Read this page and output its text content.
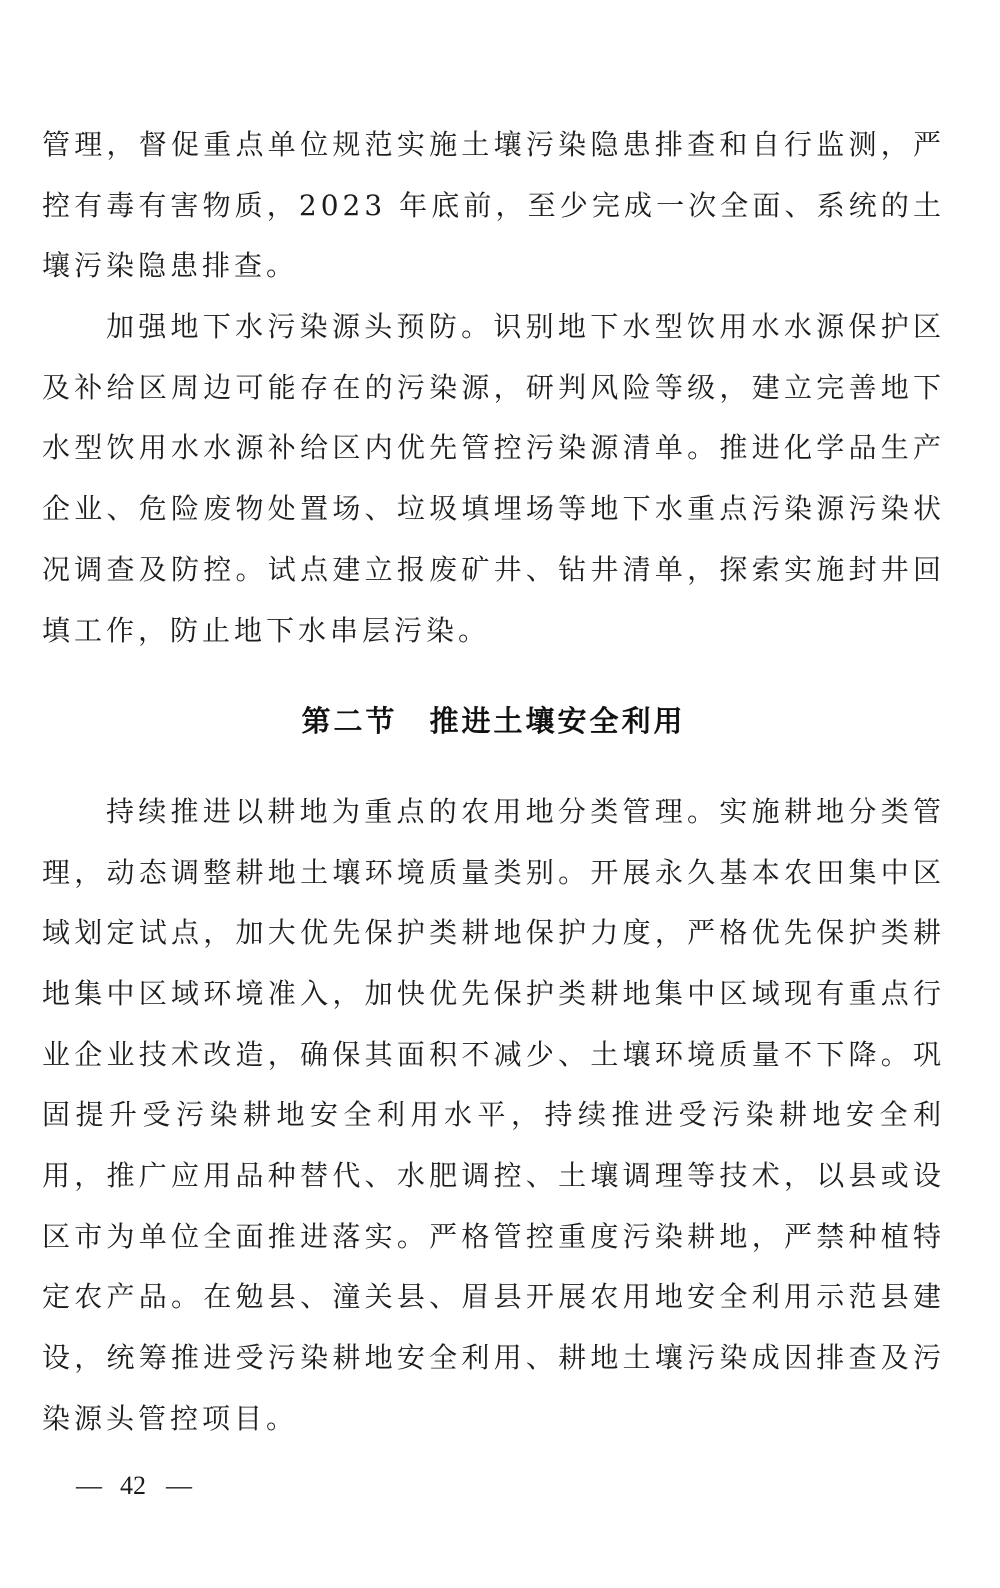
管理，督促重点单位规范实施土壤污染隐患排查和自行监测，严
控有毒有害物质，2023 年底前，至少完成一次全面、系统的土
壤污染隐患排查。
加强地下水污染源头预防。识别地下水型饮用水水源保护区
及补给区周边可能存在的污染源，研判风险等级，建立完善地下
水型饮用水水源补给区内优先管控污染源清单。推进化学品生产
企业、危险废物处置场、垃圾填埋场等地下水重点污染源污染状
况调查及防控。试点建立报废矿井、钻井清单，探索实施封井回
填工作，防止地下水串层污染。
第二节　推进土壤安全利用
持续推进以耕地为重点的农用地分类管理。实施耕地分类管
理，动态调整耕地土壤环境质量类别。开展永久基本农田集中区
域划定试点，加大优先保护类耕地保护力度，严格优先保护类耕
地集中区域环境准入，加快优先保护类耕地集中区域现有重点行
业企业技术改造，确保其面积不减少、土壤环境质量不下降。巩
固提升受污染耕地安全利用水平，持续推进受污染耕地安全利
用，推广应用品种替代、水肥调控、土壤调理等技术，以县或设
区市为单位全面推进落实。严格管控重度污染耕地，严禁种植特
定农产品。在勉县、潼关县、眉县开展农用地安全利用示范县建
设，统筹推进受污染耕地安全利用、耕地土壤污染成因排查及污
染源头管控项目。
— 42 —
